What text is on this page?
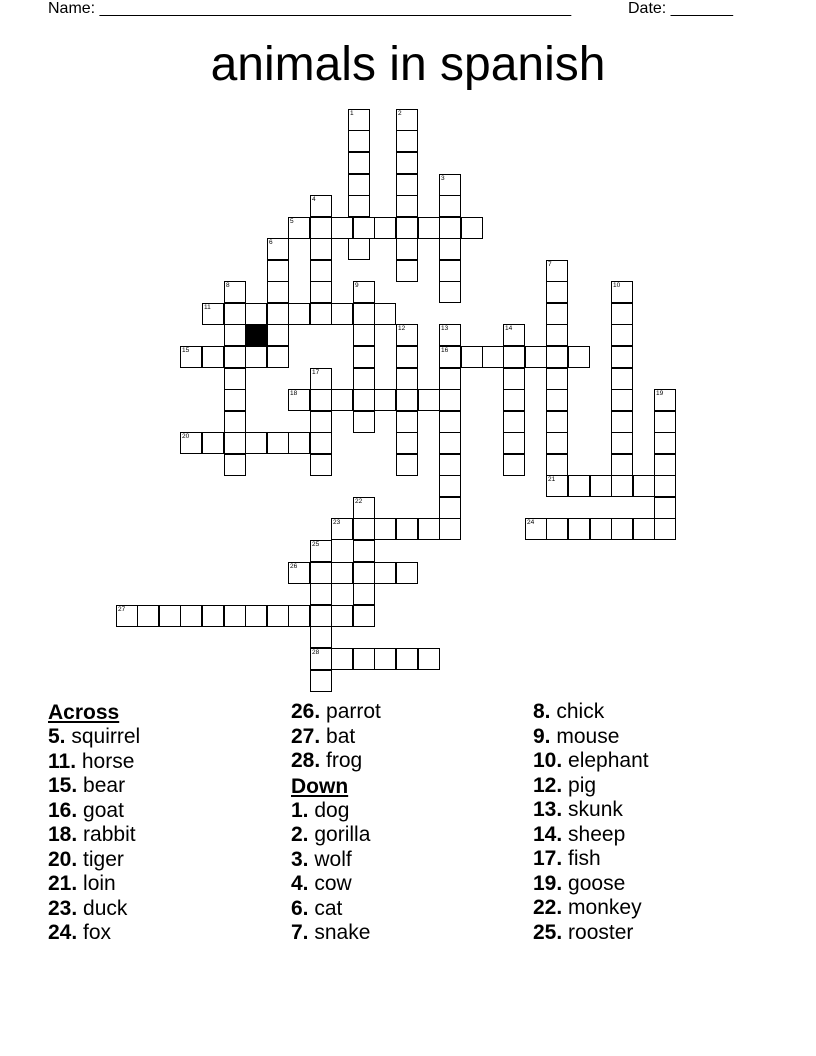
Name: _____________________________________________________	Date: _______
animals in spanish
1	2
3
4
5
6
7
8	9	10
11
12	13	14
15	16
17
18	19
20
21
22
23	24
25
26
27
28
Across
5. squirrel
11. horse
15. bear
16. goat
18. rabbit
20. tiger
21. loin
23. duck
24. fox
26. parrot
27. bat
28. frog
Down
1. dog
2. gorilla
3. wolf
4. cow
6. cat
7. snake
8. chick
9. mouse
10. elephant
12. pig
13. skunk
14. sheep
17. fish
19. goose
22. monkey
25. rooster
